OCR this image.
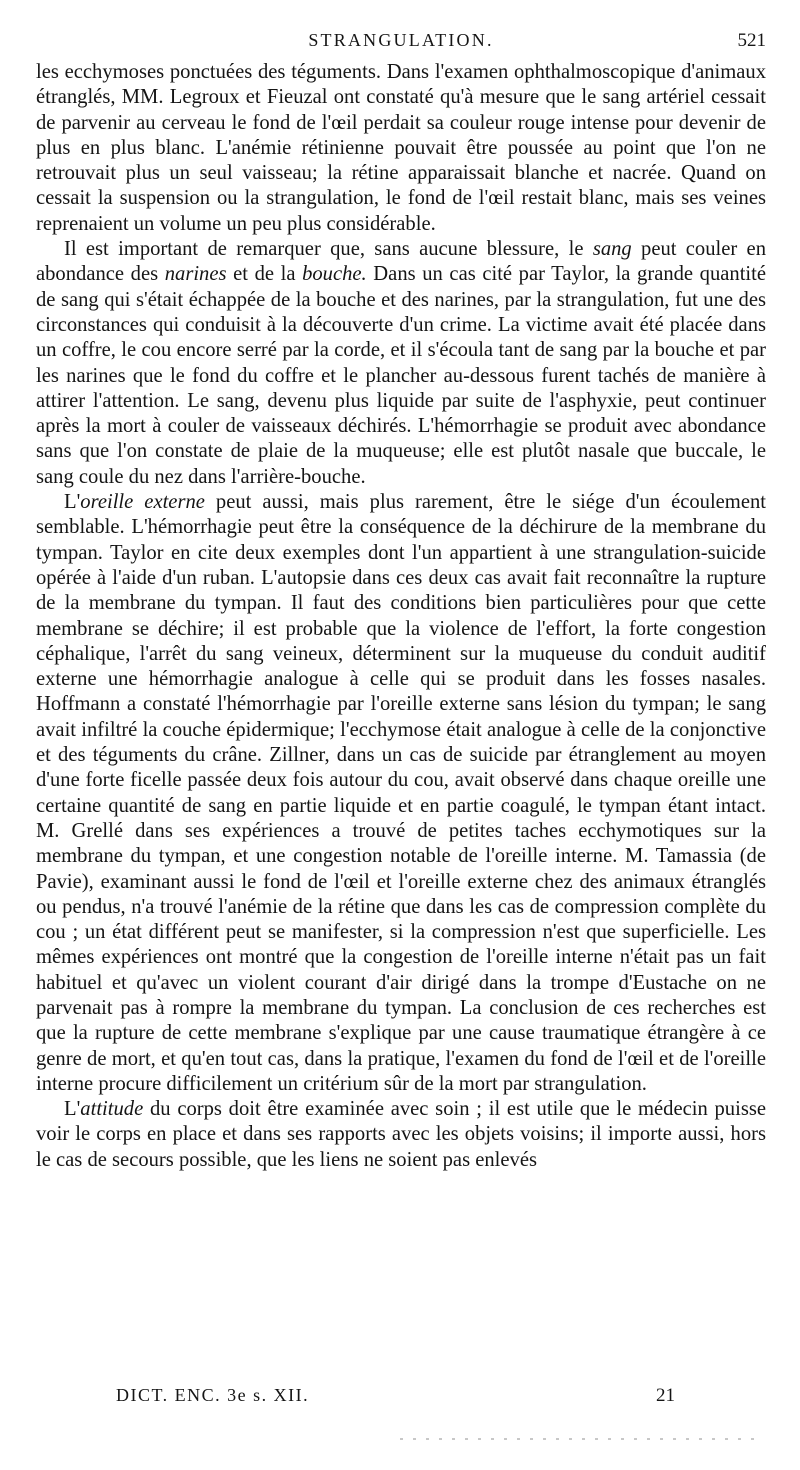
STRANGULATION.	521

les ecchymoses ponctuées des téguments. Dans l'examen ophthalmoscopique d'animaux étranglés, MM. Legroux et Fieuzal ont constaté qu'à mesure que le sang artériel cessait de parvenir au cerveau le fond de l'œil perdait sa couleur rouge intense pour devenir de plus en plus blanc. L'anémie rétinienne pouvait être poussée au point que l'on ne retrouvait plus un seul vaisseau; la rétine apparaissait blanche et nacrée. Quand on cessait la suspension ou la strangulation, le fond de l'œil restait blanc, mais ses veines reprenaient un volume un peu plus considérable.

Il est important de remarquer que, sans aucune blessure, le sang peut couler en abondance des narines et de la bouche. Dans un cas cité par Taylor, la grande quantité de sang qui s'était échappée de la bouche et des narines, par la strangulation, fut une des circonstances qui conduisit à la découverte d'un crime. La victime avait été placée dans un coffre, le cou encore serré par la corde, et il s'écoula tant de sang par la bouche et par les narines que le fond du coffre et le plancher au-dessous furent tachés de manière à attirer l'attention. Le sang, devenu plus liquide par suite de l'asphyxie, peut continuer après la mort à couler de vaisseaux déchirés. L'hémorrhagie se produit avec abondance sans que l'on constate de plaie de la muqueuse; elle est plutôt nasale que buccale, le sang coule du nez dans l'arrière-bouche.

L'oreille externe peut aussi, mais plus rarement, être le siége d'un écoulement semblable. L'hémorrhagie peut être la conséquence de la déchirure de la membrane du tympan. Taylor en cite deux exemples dont l'un appartient à une strangulation-suicide opérée à l'aide d'un ruban. L'autopsie dans ces deux cas avait fait reconnaître la rupture de la membrane du tympan. Il faut des conditions bien particulières pour que cette membrane se déchire; il est probable que la violence de l'effort, la forte congestion céphalique, l'arrêt du sang veineux, déterminent sur la muqueuse du conduit auditif externe une hémorrhagie analogue à celle qui se produit dans les fosses nasales. Hoffmann a constaté l'hémorrhagie par l'oreille externe sans lésion du tympan; le sang avait infiltré la couche épidermique; l'ecchymose était analogue à celle de la conjonctive et des téguments du crâne. Zillner, dans un cas de suicide par étranglement au moyen d'une forte ficelle passée deux fois autour du cou, avait observé dans chaque oreille une certaine quantité de sang en partie liquide et en partie coagulé, le tympan étant intact. M. Grellé dans ses expériences a trouvé de petites taches ecchymotiques sur la membrane du tympan, et une congestion notable de l'oreille interne. M. Tamassia (de Pavie), examinant aussi le fond de l'œil et l'oreille externe chez des animaux étranglés ou pendus, n'a trouvé l'anémie de la rétine que dans les cas de compression complète du cou ; un état différent peut se manifester, si la compression n'est que superficielle. Les mêmes expériences ont montré que la congestion de l'oreille interne n'était pas un fait habituel et qu'avec un violent courant d'air dirigé dans la trompe d'Eustache on ne parvenait pas à rompre la membrane du tympan. La conclusion de ces recherches est que la rupture de cette membrane s'explique par une cause traumatique étrangère à ce genre de mort, et qu'en tout cas, dans la pratique, l'examen du fond de l'œil et de l'oreille interne procure difficilement un critérium sûr de la mort par strangulation.

L'attitude du corps doit être examinée avec soin ; il est utile que le médecin puisse voir le corps en place et dans ses rapports avec les objets voisins; il importe aussi, hors le cas de secours possible, que les liens ne soient pas enlevés

DICT. ENC. 3e s. XII.	21
